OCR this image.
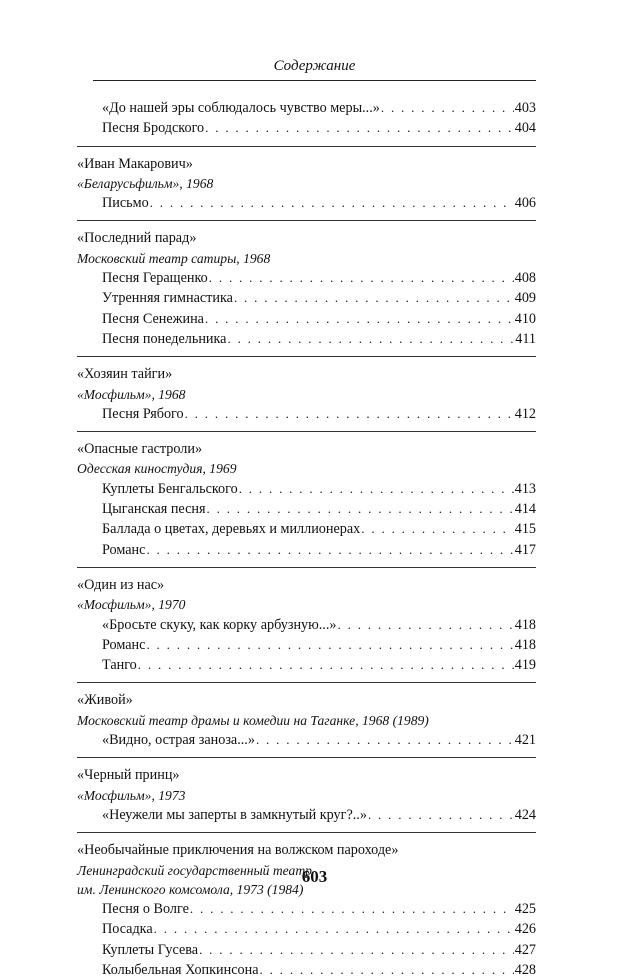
Содержание
«До нашей эры соблюдалось чувство меры...» . . .	403
Песня Бродского . . .	404
«Иван Макарович»
«Беларусьфильм», 1968
Письмо . . .	406
«Последний парад»
Московский театр сатиры, 1968
Песня Геращенко . . .	408
Утренняя гимнастика . . .	409
Песня Сенежина . . .	410
Песня понедельника . . .	411
«Хозяин тайги»
«Мосфильм», 1968
Песня Рябого . . .	412
«Опасные гастроли»
Одесская киностудия, 1969
Куплеты Бенгальского . . .	413
Цыганская песня . . .	414
Баллада о цветах, деревьях и миллионерах . . .	415
Романс . . .	417
«Один из нас»
«Мосфильм», 1970
«Бросьте скуку, как корку арбузную...» . . .	418
Романс . . .	418
Танго . . .	419
«Живой»
Московский театр драмы и комедии на Таганке, 1968 (1989)
«Видно, острая заноза...» . . .	421
«Черный принц»
«Мосфильм», 1973
«Неужели мы заперты в замкнутый круг?..» . . .	424
«Необычайные приключения на волжском пароходе»
Ленинградский государственный театр
им. Ленинского комсомола, 1973 (1984)
Песня о Волге . . .	425
Посадка . . .	426
Куплеты Гусева . . .	427
Колыбельная Хопкинсона . . .	428
603
